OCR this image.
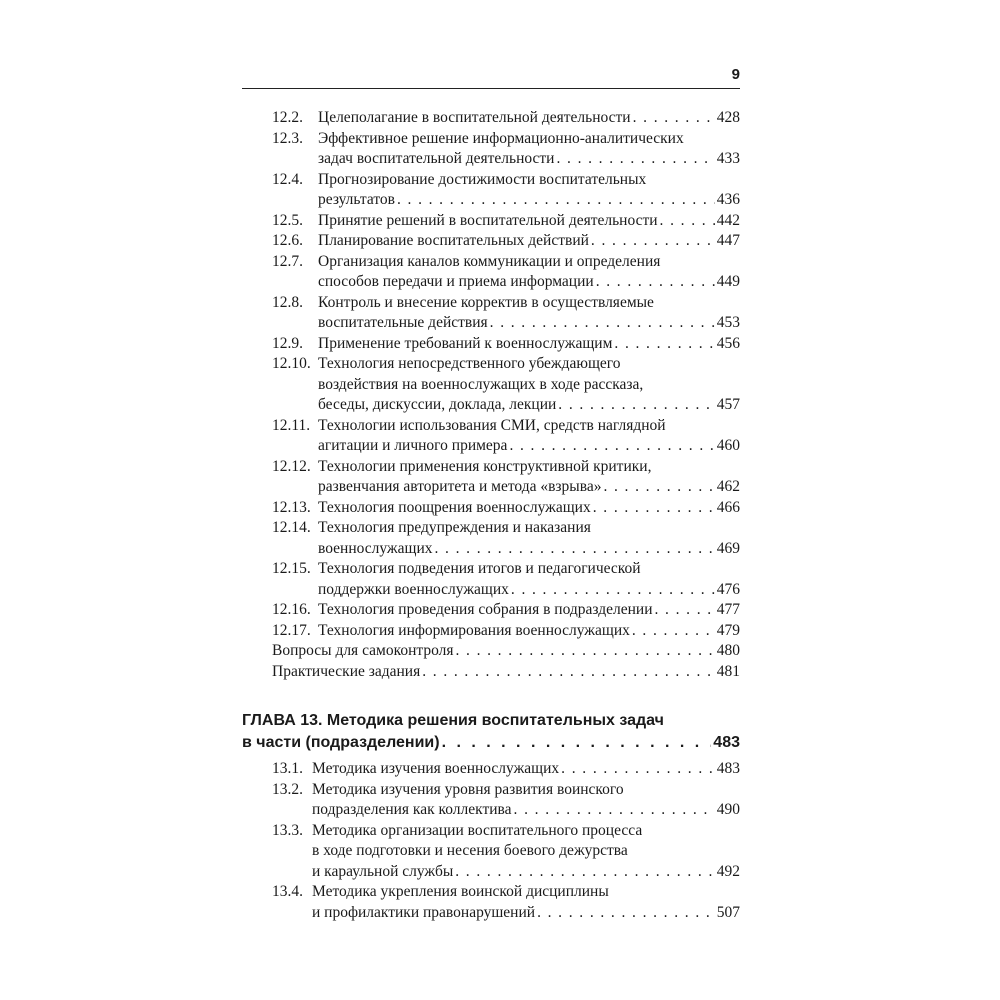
9
12.2. Целеполагание в воспитательной деятельности . . .	428
12.3. Эффективное решение информационно-аналитических
задач воспитательной деятельности . . .	433
12.4. Прогнозирование достижимости воспитательных
результатов . . .	436
12.5. Принятие решений в воспитательной деятельности . . .	442
12.6. Планирование воспитательных действий . . .	447
12.7. Организация каналов коммуникации и определения
способов передачи и приема информации . . .	449
12.8. Контроль и внесение корректив в осуществляемые
воспитательные действия . . .	453
12.9. Применение требований к военнослужащим . . .	456
12.10. Технология непосредственного убеждающего
воздействия на военнослужащих в ходе рассказа,
беседы, дискуссии, доклада, лекции . . .	457
12.11. Технологии использования СМИ, средств наглядной
агитации и личного примера . . .	460
12.12. Технологии применения конструктивной критики,
развенчания авторитета и метода «взрыва» . . .	462
12.13. Технология поощрения военнослужащих . . .	466
12.14. Технология предупреждения и наказания
военнослужащих . . .	469
12.15. Технология подведения итогов и педагогической
поддержки военнослужащих . . .	476
12.16. Технология проведения собрания в подразделении . . .	477
12.17. Технология информирования военнослужащих . . .	479
Вопросы для самоконтроля . . .	480
Практические задания . . .	481
13.1. Методика изучения военнослужащих . . .	483
13.2. Методика изучения уровня развития воинского
подразделения как коллектива . . .	490
13.3. Методика организации воспитательного процесса
в ходе подготовки и несения боевого дежурства
и караульной службы . . .	492
13.4. Методика укрепления воинской дисциплины
и профилактики правонарушений . . .	507
ГЛАВА 13. Методика решения воспитательных задач
в части (подразделении) . . .	483
